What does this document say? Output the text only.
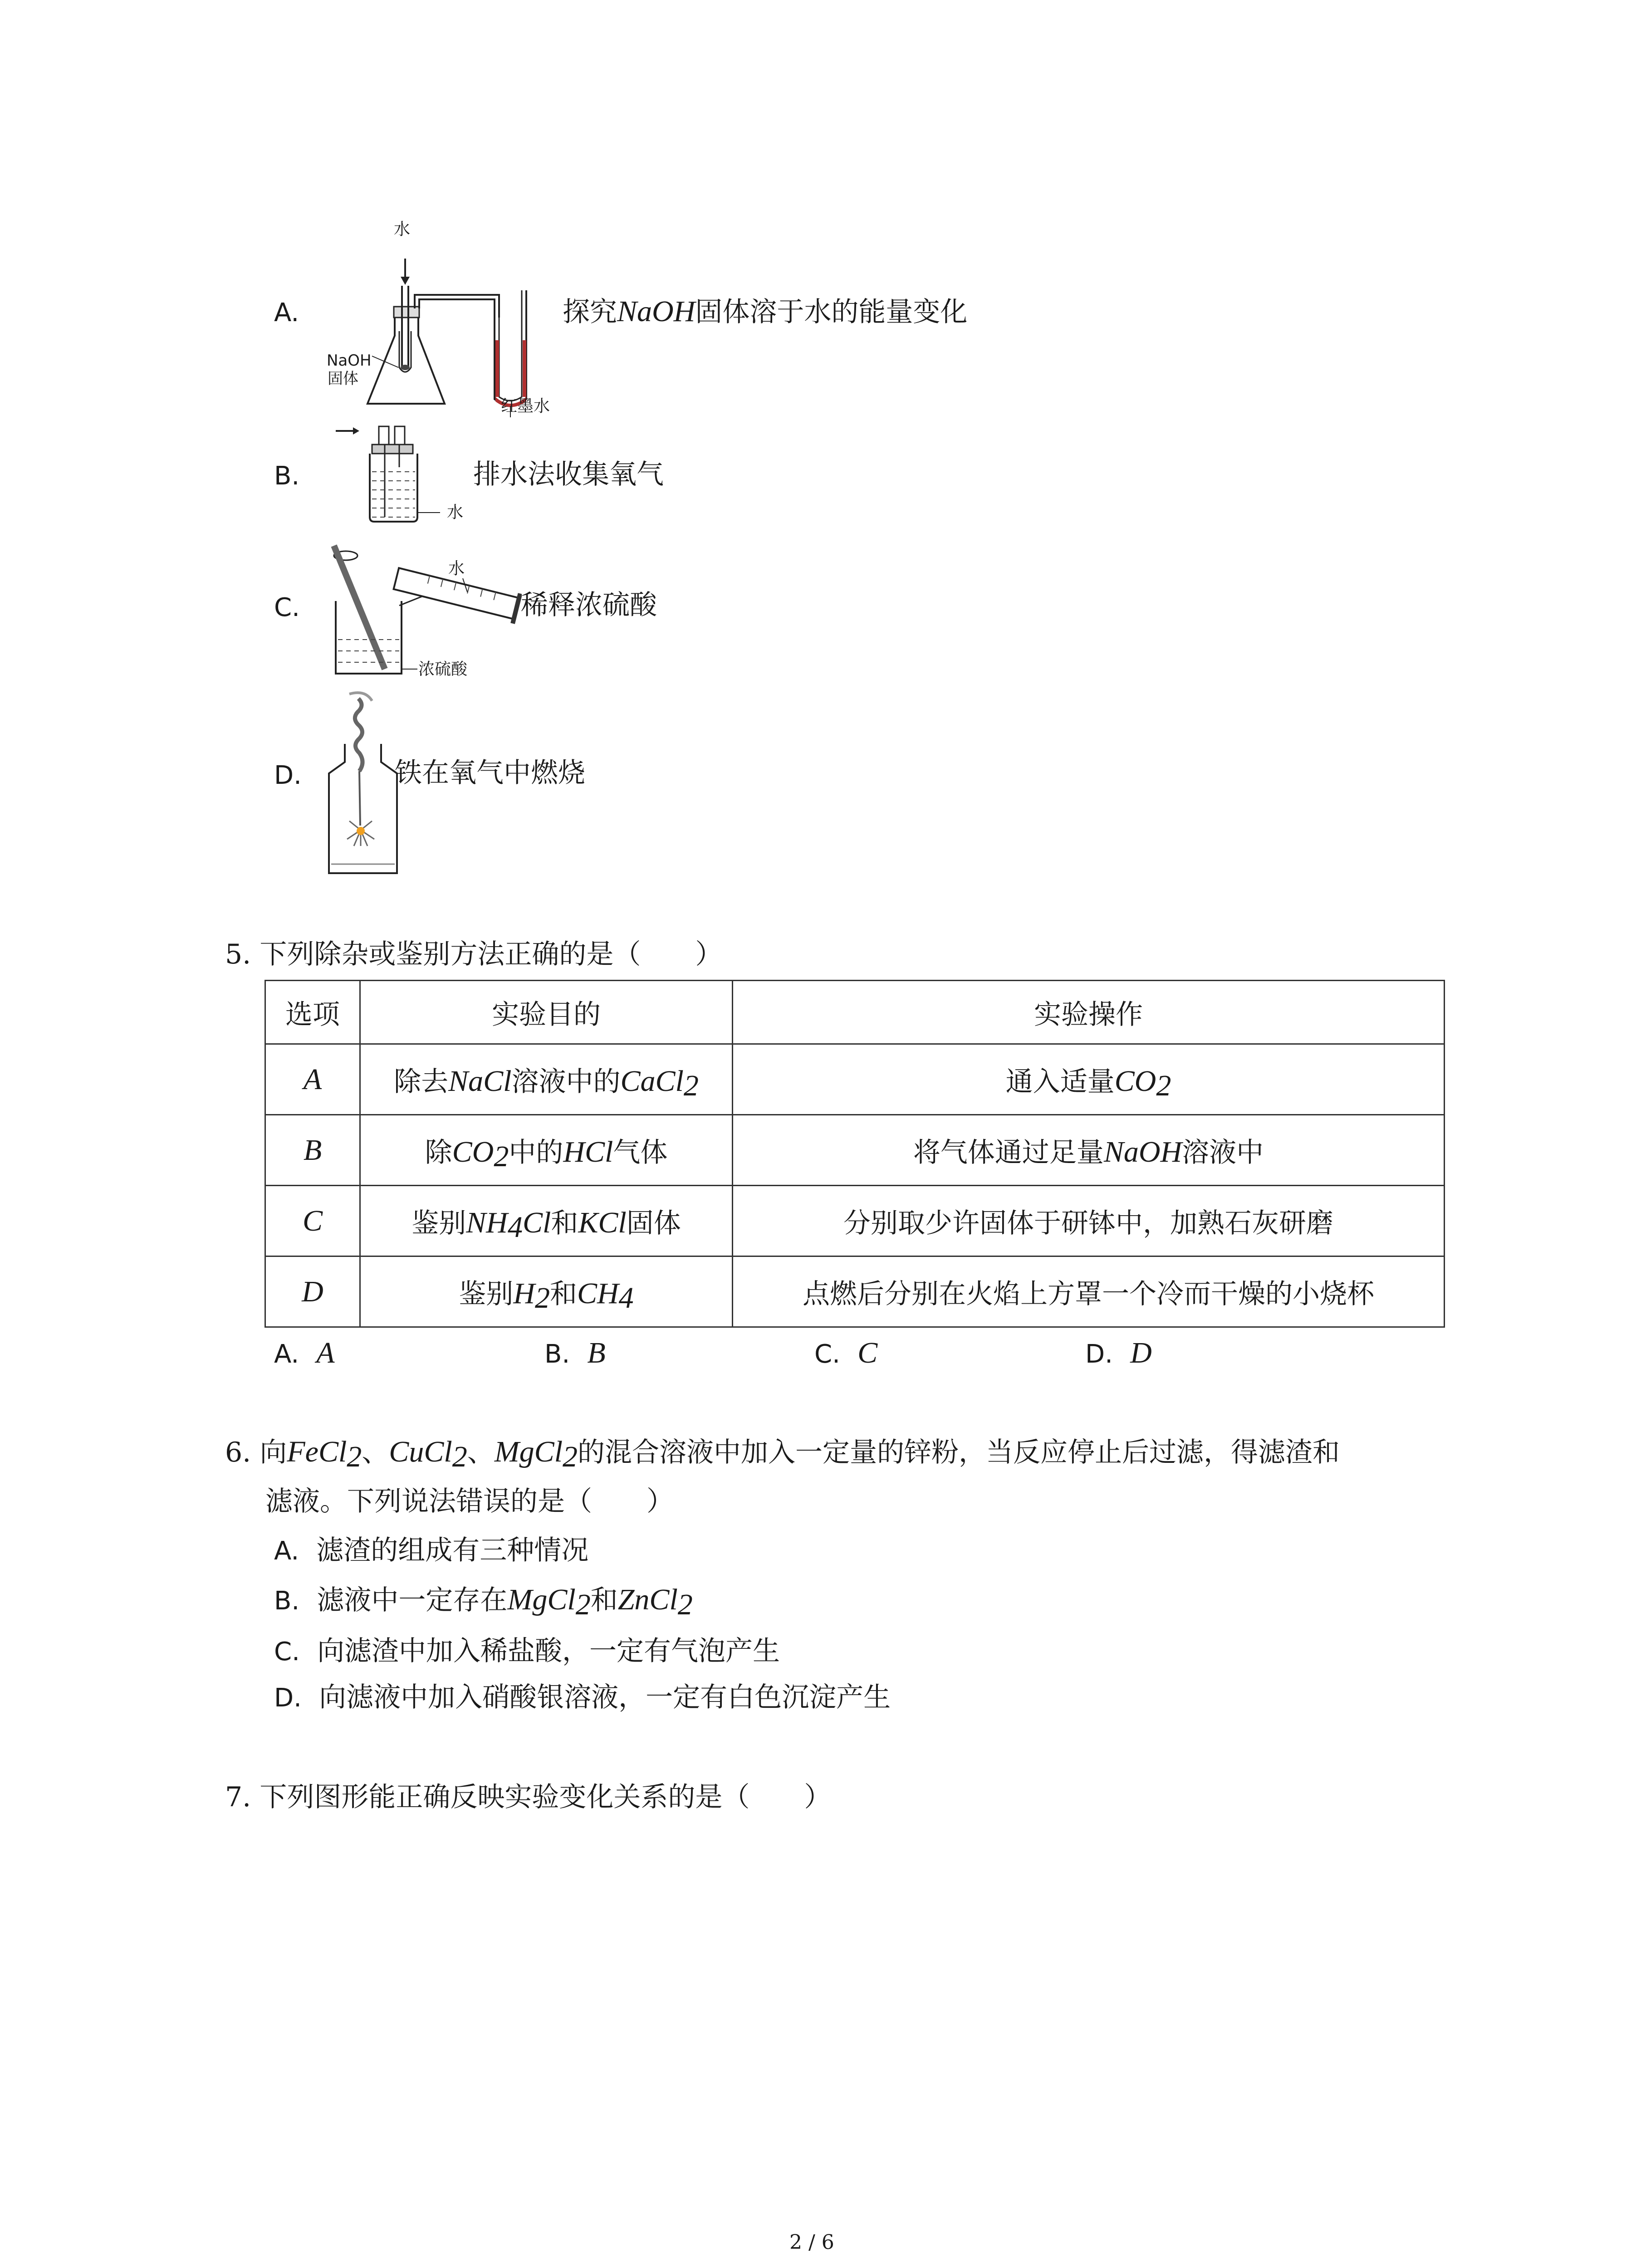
A.
水
NaOH
固体
红墨水
探究NaOH固体溶于水的能量变化
B.
水
排水法收集氧气
C.
水
浓硫酸
稀释浓硫酸
D.	铁在氧气中燃烧
5. 下列除杂或鉴别方法正确的是（　　）
选项	实验目的	实验操作
A	除去NaCl溶液中的CaCl$_2$	通入适量$CO_2$
B	除$CO_2$中的HCl气体	将气体通过足量NaOH溶液中
C	鉴别$NH_4Cl$和KCl固体	分别取少许固体于研钵中，加熟石灰研磨
D	鉴别$H_2$和$CH_4$	点燃后分别在火焰上方罩一个冷而干燥的小烧杯
A. A	B. B	C. C	D. D
6. 向FeCl$_2$、CuCl$_2$、MgCl$_2$的混合溶液中加入一定量的锌粉，当反应停止后过滤，得滤渣和
滤液。下列说法错误的是（　　）
A. 滤渣的组成有三种情况
B. 滤液中一定存在MgCl$_2$和ZnCl$_2$
C. 向滤渣中加入稀盐酸，一定有气泡产生
D. 向滤液中加入硝酸银溶液，一定有白色沉淀产生
7. 下列图形能正确反映实验变化关系的是（　　）
2 / 6
